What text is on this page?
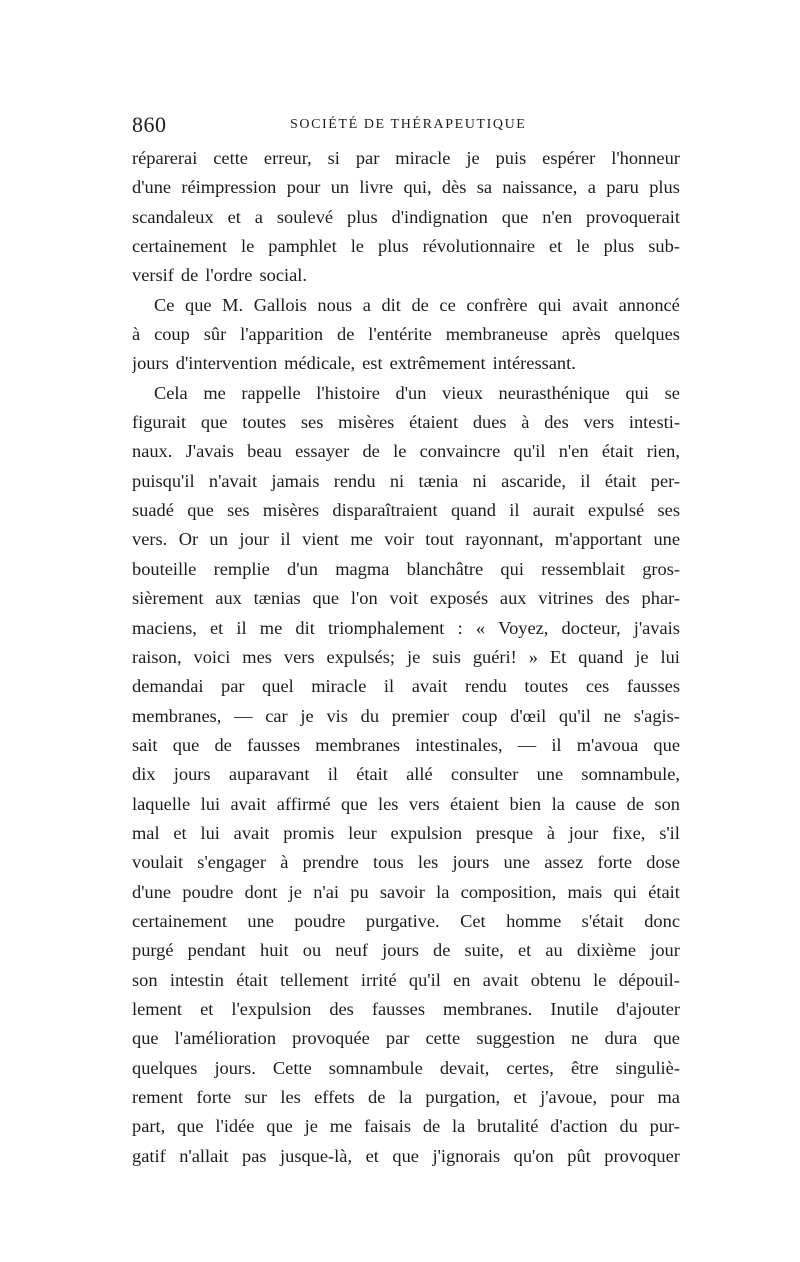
860	SOCIÉTÉ DE THÉRAPEUTIQUE
réparerai cette erreur, si par miracle je puis espérer l'honneur
d'une réimpression pour un livre qui, dès sa naissance, a paru plus
scandaleux et a soulevé plus d'indignation que n'en provoquerait
certainement le pamphlet le plus révolutionnaire et le plus sub-
versif de l'ordre social.
Ce que M. Gallois nous a dit de ce confrère qui avait annoncé
à coup sûr l'apparition de l'entérite membraneuse après quelques
jours d'intervention médicale, est extrêmement intéressant.
Cela me rappelle l'histoire d'un vieux neurasthénique qui se
figurait que toutes ses misères étaient dues à des vers intesti-
naux. J'avais beau essayer de le convaincre qu'il n'en était rien,
puisqu'il n'avait jamais rendu ni tænia ni ascaride, il était per-
suadé que ses misères disparaîtraient quand il aurait expulsé ses
vers. Or un jour il vient me voir tout rayonnant, m'apportant une
bouteille remplie d'un magma blanchâtre qui ressemblait gros-
sièrement aux tænias que l'on voit exposés aux vitrines des phar-
maciens, et il me dit triomphalement : « Voyez, docteur, j'avais
raison, voici mes vers expulsés; je suis guéri! » Et quand je lui
demandai par quel miracle il avait rendu toutes ces fausses
membranes, — car je vis du premier coup d'œil qu'il ne s'agis-
sait que de fausses membranes intestinales, — il m'avoua que
dix jours auparavant il était allé consulter une somnambule,
laquelle lui avait affirmé que les vers étaient bien la cause de son
mal et lui avait promis leur expulsion presque à jour fixe, s'il
voulait s'engager à prendre tous les jours une assez forte dose
d'une poudre dont je n'ai pu savoir la composition, mais qui était
certainement une poudre purgative. Cet homme s'était donc
purgé pendant huit ou neuf jours de suite, et au dixième jour
son intestin était tellement irrité qu'il en avait obtenu le dépouil-
lement et l'expulsion des fausses membranes. Inutile d'ajouter
que l'amélioration provoquée par cette suggestion ne dura que
quelques jours. Cette somnambule devait, certes, être singuliè-
rement forte sur les effets de la purgation, et j'avoue, pour ma
part, que l'idée que je me faisais de la brutalité d'action du pur-
gatif n'allait pas jusque-là, et que j'ignorais qu'on pût provoquer
